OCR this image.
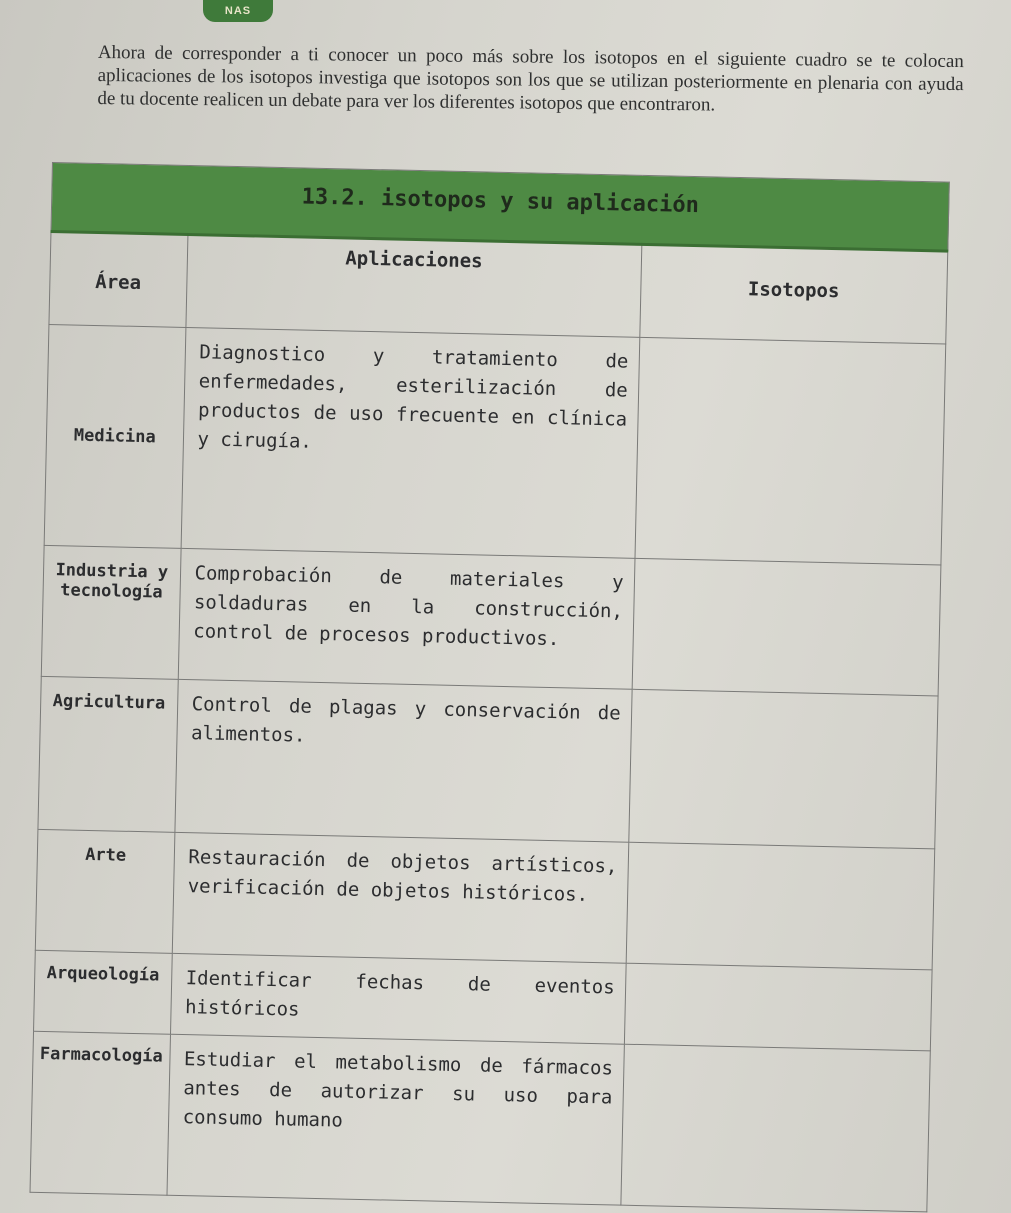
NAS

Ahora de corresponder a ti conocer un poco más sobre los isotopos en el siguiente cuadro se te colocan aplicaciones de los isotopos investiga que isotopos son los que se utilizan posteriormente en plenaria con ayuda de tu docente realicen un debate para ver los diferentes isotopos que encontraron.

13.2. isotopos y su aplicación		
Área	Aplicaciones	Isotopos
Medicina	Diagnostico y tratamiento de enfermedades, esterilización de productos de uso frecuente en clínica y cirugía.	
Industria y tecnología	Comprobación de materiales y soldaduras en la construcción, control de procesos productivos.	
Agricultura	Control de plagas y conservación de alimentos.	
Arte	Restauración de objetos artísticos, verificación de objetos históricos.	
Arqueología	Identificar fechas de eventos históricos	
Farmacología	Estudiar el metabolismo de fármacos antes de autorizar su uso para consumo humano	
